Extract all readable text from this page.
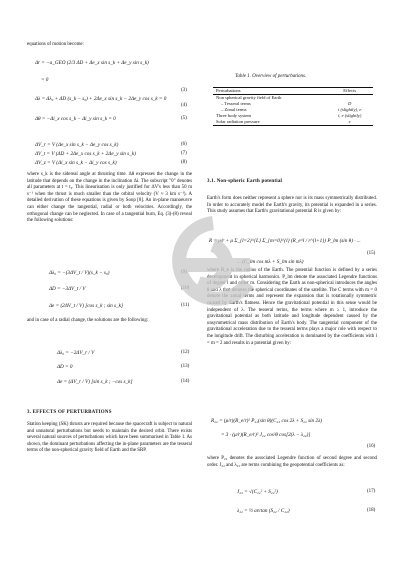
equations of motion become:

Δr = −a_GEO (2/3 ΔD + Δe_x sin s_k + Δe_y sin s_k)
= 0
(3)
Δλ = Δλ₀ + ΔD (s_k − s₀) + 2Δe_x sin s_k − 2Δe_y cos s_k = 0
(4)
Δθ = −Δi_x cos s_k − Δi_y sin s_k = 0	(5)
ΔV_r = V (Δe_x sin s_k − Δe_y cos s_k)	(6)
ΔV_t = V (ΔD + 2Δe_x cos s_k + 2Δe_y sin s_k)	(7)
ΔV_z = V (Δi_x sin s_k − Δi_y cos s_k)	(8)

where s_k is the sidereal angle at thrusting time. Δθ expresses the change in the latitude that depends on the change in the inclination Δi. The subscript "0" denotes all parameters at t = t₀. This linearisation is only justified for ΔV's less than 50 m s⁻¹ when the thrust is much smaller than the orbital velocity (V ≈ 3 km s⁻¹). A detailed derivation of these equations is given by Soop [8]. An in-plane manoeuvre can either change the tangential, radial or both velocities. Accordingly, the orthogonal change can be neglected. In case of a tangential burn, Eq. (3)-(8) reveal the following solutions:

Δλ₀ = −(3ΔV_t / V)(s_k − s₀)	(9)
ΔD = −3ΔV_t / V	(10)
Δe = (2ΔV_t / V) [cos s_k ; sin s_k]	(11)

and in case of a radial change, the solutions are the following:

Δλ₀ = −2ΔV_r / V	(12)
ΔD = 0	(13)
Δe = (ΔV_r / V) [sin s_k ; −cos s_k]	(14)
3. EFFECTS OF PERTURBATIONS

Station keeping (SK) thrusts are required because the spacecraft is subject to natural and unnatural perturbations but needs to maintain the desired orbit. There exists several natural sources of perturbations which have been summarised in Table 1. As shown, the dominant perturbations affecting the in-plane parameters are the tesseral terms of the non-spherical gravity field of Earth and the SRP.

Table 1. Overview of perturbations.
Perturbations	Effects
Non spherical gravity field of Earth	
– Tesseral terms	D
– Zonal terms	i (slightly), e
Three body system	i, e (slightly)
Solar radiation pressure	e
3.1. Non-spheric Earth potential

Earth's form does neither represent a sphere nor is its mass symmetrically distributed. In order to accurately model the Earth's gravity, its potential is expanded in a series. This study assumes that Earth's gravitational potential R is given by:

R = μ/r + μ Σ_{l=2}^{L} Σ_{m=0}^{l} (R_e^l / r^{l+1}) P_lm (sin θ) · ...
... (C_lm cos mλ + S_lm sin mλ)
(15)

where R_e is the radius of the Earth. The potential function is defined by a series development in spherical harmonics. P_lm denote the associated Legendre functions of degree l and order m. Considering the Earth as non-spherical introduces the angles θ and λ that denotes the spherical coordinates of the satellite. The C terms with m = 0 denote the zonal terms and represent the expansion that is rotationally symmetric caused by Earth's flatness. Hence the gravitational potential in this sense would be independent of λ. The tesseral terms, the terms where m ≥ 1, introduce the gravitational potential as both latitude and longitude dependent caused by the unsymmetrical mass distribution of Earth's body. The tangential component of the gravitational acceleration due to the tesseral terms plays a major role with respect to the longitude drift. The disturbing acceleration is dominated by the coefficients with l = m = 2 and results in a potential given by:

R₂₂ = (μ/r)(R_e/r)² P₂₂(sin θ)(C₂₂ cos 2λ + S₂₂ sin 2λ)
= 3 · (μ/r)(R_e/r)² J₂₂ cos²θ cos[2(λ − λ₂₂)]
(16)

where P₂₂ denotes the associated Legendre function of second degree and second order. J₂₂ and λ₂₂ are terms combining the geopotential coefficients as:

J₂₂ = √(C₂₂² + S₂₂²)	(17)
λ₂₂ = ½ arctan (S₂₂ / C₂₂)	(18)
